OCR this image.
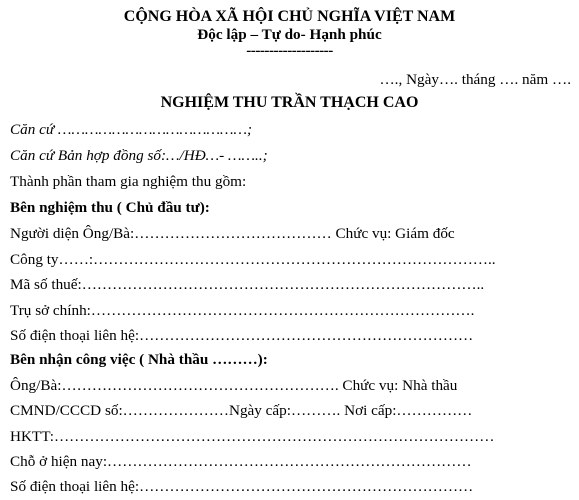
CỘNG HÒA XÃ HỘI CHỦ NGHĨA VIỆT NAM
Độc lập – Tự do- Hạnh phúc
-------------------
…., Ngày…. tháng …. năm ….
NGHIỆM THU TRẦN THẠCH CAO
Căn cứ ……………………………………;
Căn cứ Bản hợp đồng số:…/HĐ…- ……..;
Thành phần tham gia nghiệm thu gồm:
Bên nghiệm thu ( Chủ đầu tư):
Người diện Ông/Bà:………………………………… Chức vụ: Giám đốc
Công ty……:……………………………………………………………………..
Mã số thuế:……………………………………………………………………..
Trụ sở chính:………………………………………………………………….
Số điện thoại liên hệ:…………………………………………………………
Bên nhận công việc ( Nhà thầu ………):
Ông/Bà:………………………………………………. Chức vụ: Nhà thầu
CMND/CCCD số:…………………Ngày cấp:………. Nơi cấp:……………
HKTT:……………………………………………………………………………
Chỗ ở hiện nay:………………………………………………………………
Số điện thoại liên hệ:…………………………………………………………
